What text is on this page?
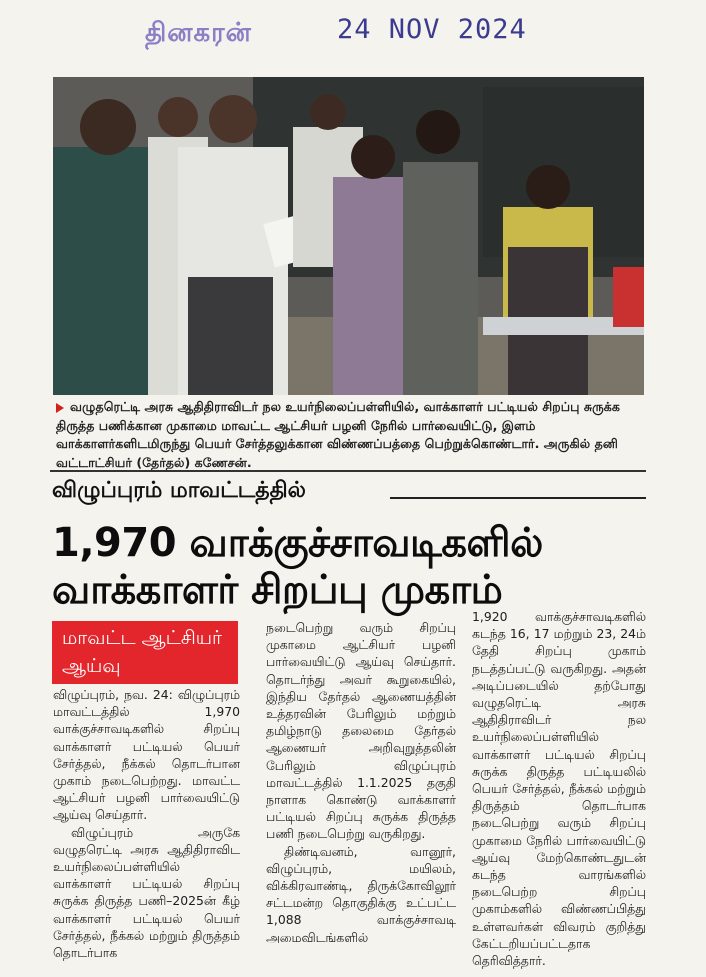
தினகரன்	24 NOV 2024
வழுதரெட்டி அரசு ஆதிதிராவிடர் நல உயர்நிலைப்பள்ளியில், வாக்காளர் பட்டியல் சிறப்பு சுருக்க திருத்த பணிக்கான முகாமை மாவட்ட ஆட்சியர் பழனி நேரில் பார்வையிட்டு, இளம் வாக்காளர்களிடமிருந்து பெயர் சேர்த்தலுக்கான விண்ணப்பத்தை பெற்றுக்கொண்டார். அருகில் தனி வட்டாட்சியர் (தேர்தல்) கணேசன்.
விழுப்புரம் மாவட்டத்தில்
1,970 வாக்குச்சாவடிகளில்
வாக்காளர் சிறப்பு முகாம்
மாவட்ட ஆட்சியர் ஆய்வு

விழுப்புரம், நவ. 24: விழுப்புரம் மாவட்டத்தில் 1,970 வாக்குச்சாவடிகளில் சிறப்பு வாக்காளர் பட்டியல் பெயர் சேர்த்தல், நீக்கல் தொடர்பான முகாம் நடைபெற்றது. மாவட்ட ஆட்சியர் பழனி பார்வையிட்டு ஆய்வு செய்தார்.

விழுப்புரம் அருகே வழுதரெட்டி அரசு ஆதிதிராவிட உயர்நிலைப்பள்ளியில் வாக்காளர் பட்டியல் சிறப்பு சுருக்க திருத்த பணி–2025ன் கீழ் வாக்காளர் பட்டியல் பெயர் சேர்த்தல், நீக்கல் மற்றும் திருத்தம் தொடர்பாக

நடைபெற்று வரும் சிறப்பு முகாமை ஆட்சியர் பழனி பார்வையிட்டு ஆய்வு செய்தார். தொடர்ந்து அவர் கூறுகையில், இந்திய தேர்தல் ஆணையத்தின் உத்தரவின் பேரிலும் மற்றும் தமிழ்நாடு தலைமை தேர்தல் ஆணையர் அறிவுறுத்தலின் பேரிலும் விழுப்புரம் மாவட்டத்தில் 1.1.2025 தகுதி நாளாக கொண்டு வாக்காளர் பட்டியல் சிறப்பு சுருக்க திருத்த பணி நடைபெற்று வருகிறது.

திண்டிவனம், வானூர், விழுப்புரம், மயிலம், விக்கிரவாண்டி, திருக்கோவிலூர் சட்டமன்ற தொகுதிக்கு உட்பட்ட 1,088 வாக்குச்சாவடி அமைவிடங்களில்

1,920 வாக்குச்சாவடிகளில் கடந்த 16, 17 மற்றும் 23, 24ம் தேதி சிறப்பு முகாம் நடத்தப்பட்டு வருகிறது. அதன் அடிப்படையில் தற்போது வழுதரெட்டி அரசு ஆதிதிராவிடர் நல உயர்நிலைப்பள்ளியில் வாக்காளர் பட்டியல் சிறப்பு சுருக்க திருத்த பட்டியலில் பெயர் சேர்த்தல், நீக்கல் மற்றும் திருத்தம் தொடர்பாக நடைபெற்று வரும் சிறப்பு முகாமை நேரில் பார்வையிட்டு ஆய்வு மேற்கொண்டதுடன் கடந்த வாரங்களில் நடைபெற்ற சிறப்பு முகாம்களில் விண்ணப்பித்து உள்ளவர்கள் விவரம் குறித்து கேட்டறியப்பட்டதாக தெரிவித்தார்.
